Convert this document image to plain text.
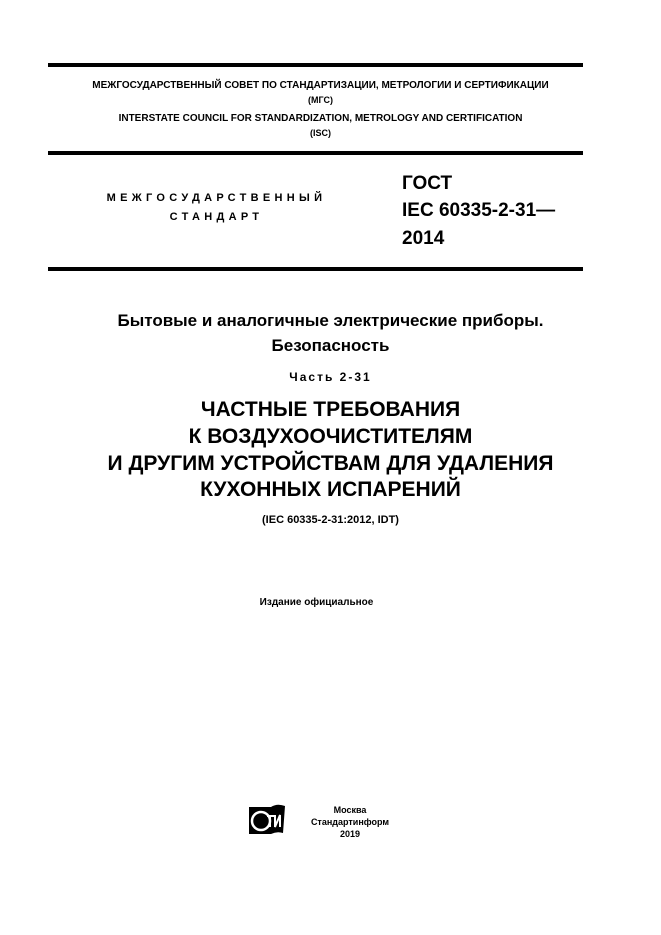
МЕЖГОСУДАРСТВЕННЫЙ СОВЕТ ПО СТАНДАРТИЗАЦИИ, МЕТРОЛОГИИ И СЕРТИФИКАЦИИ
(МГС)
INTERSTATE COUNCIL FOR STANDARDIZATION, METROLOGY AND CERTIFICATION
(ISC)
МЕЖГОСУДАРСТВЕННЫЙ
СТАНДАРТ
ГОСТ
IEC 60335-2-31—
2014
Бытовые и аналогичные электрические приборы.
Безопасность
Часть 2-31
ЧАСТНЫЕ ТРЕБОВАНИЯ
К ВОЗДУХООЧИСТИТЕЛЯМ
И ДРУГИМ УСТРОЙСТВАМ ДЛЯ УДАЛЕНИЯ
КУХОННЫХ ИСПАРЕНИЙ
(IEC 60335-2-31:2012, IDT)
Издание официальное
Москва
Стандартинформ
2019
